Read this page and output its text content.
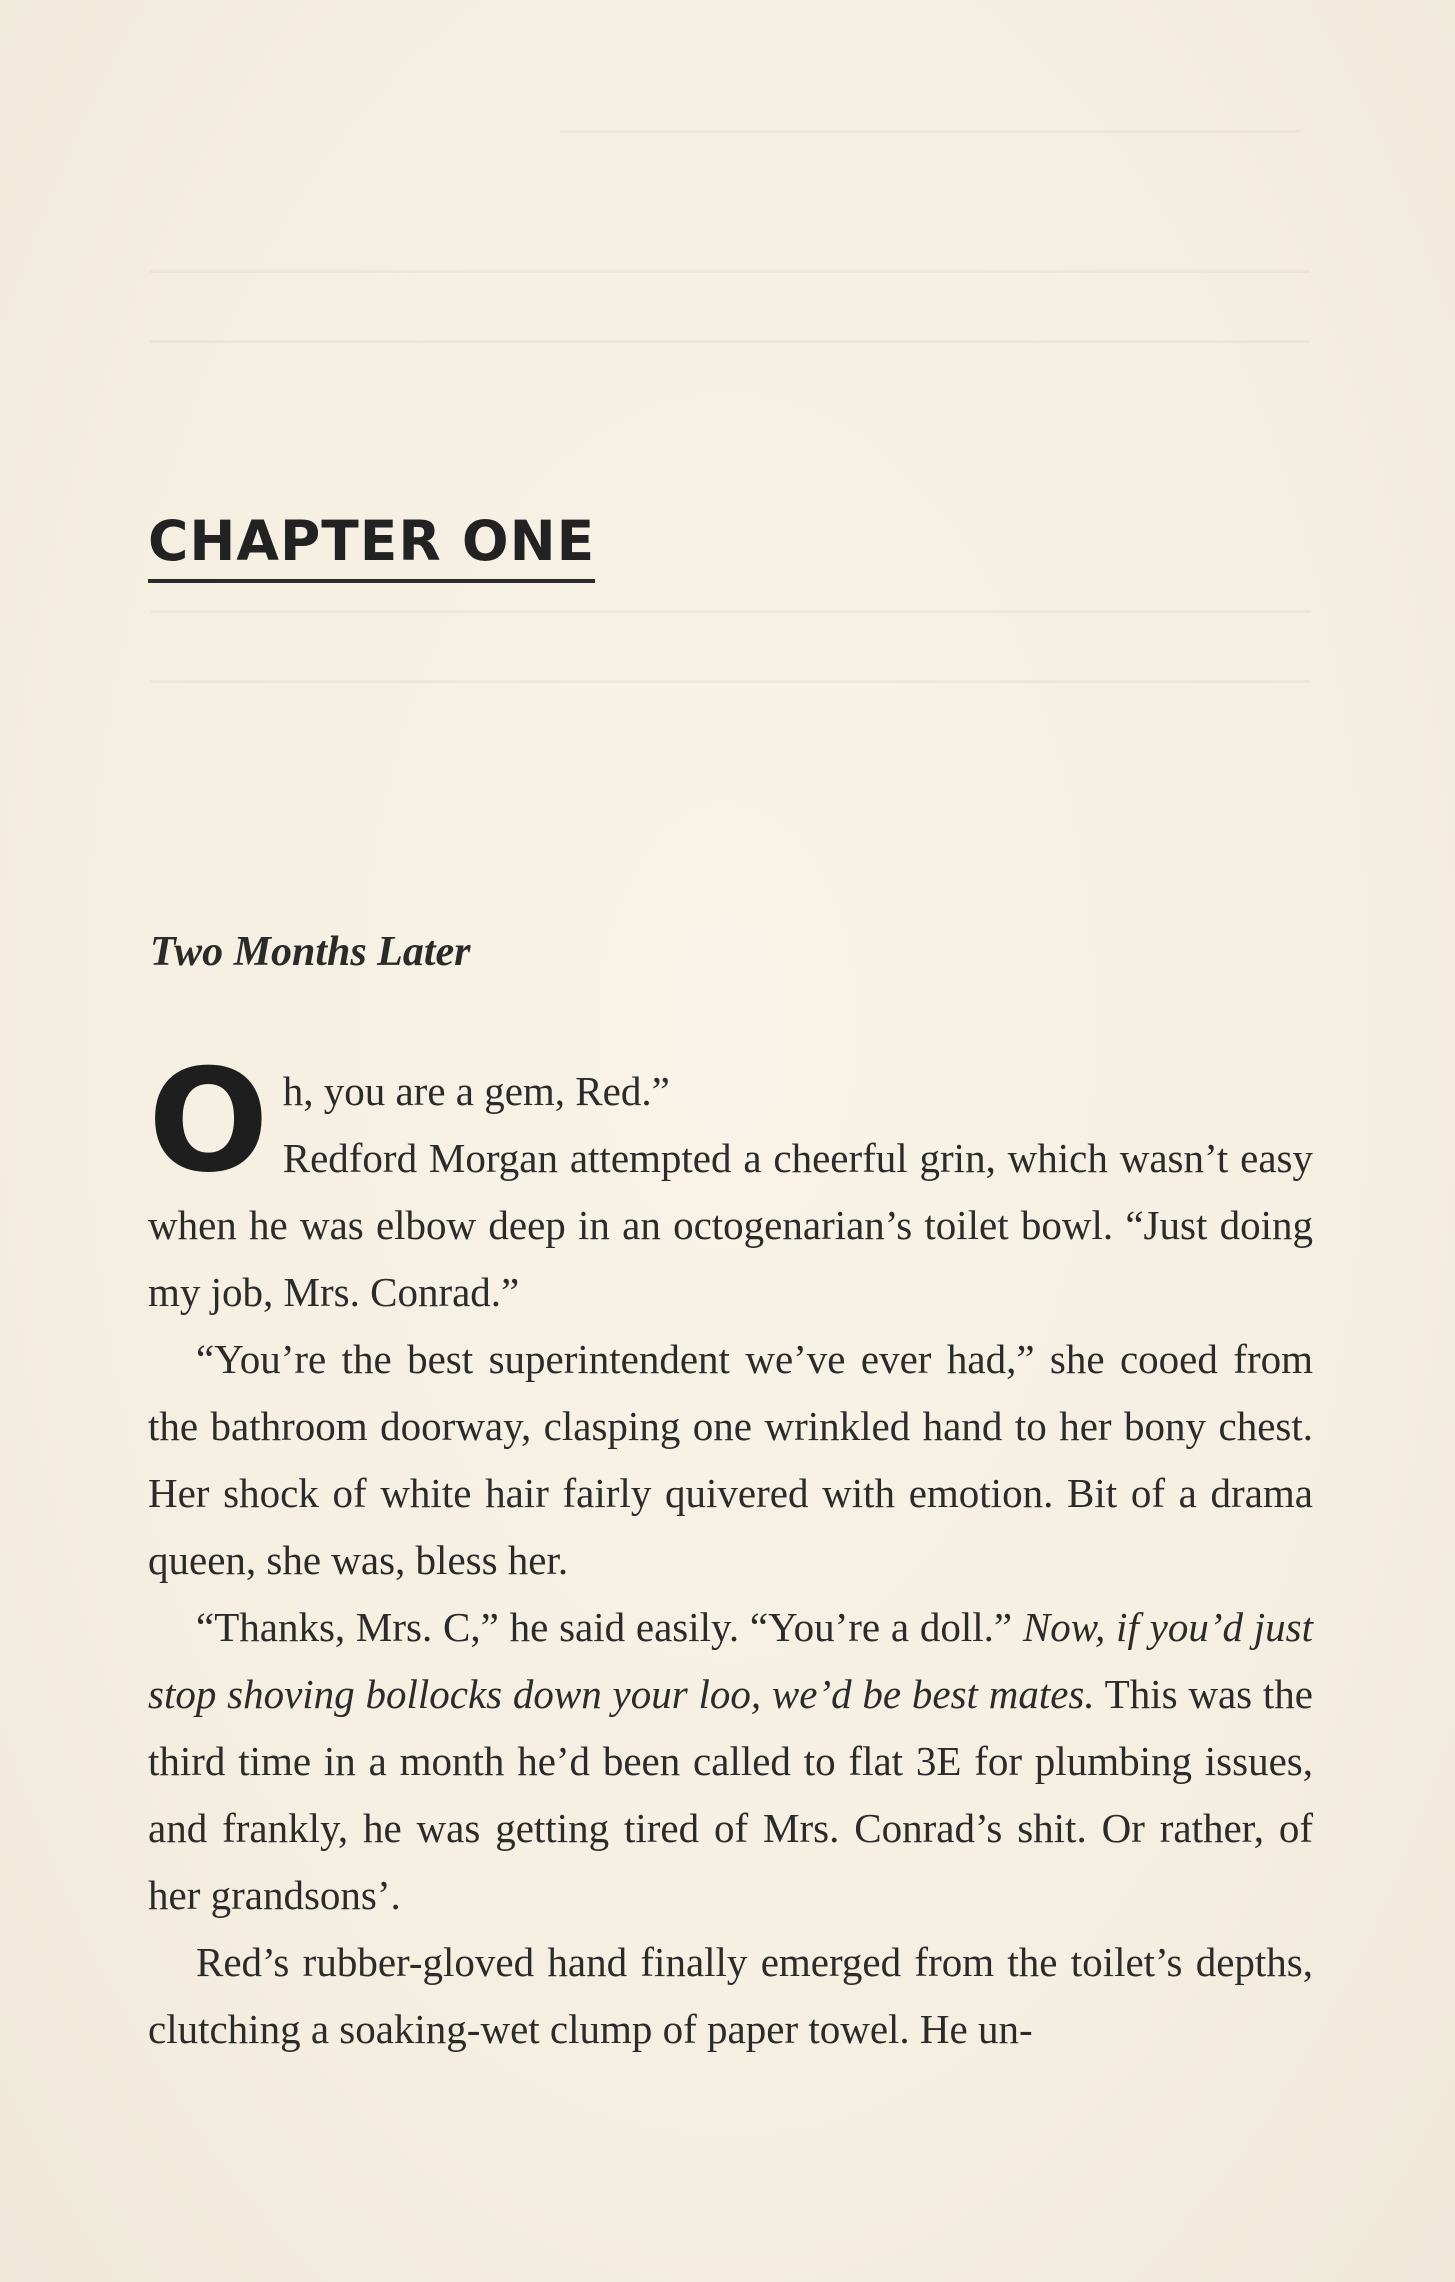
CHAPTER ONE

Two Months Later

O h, you are a gem, Red.”
Redford Morgan attempted a cheerful grin, which wasn’t easy when he was elbow deep in an octogenarian’s toilet bowl. “Just doing my job, Mrs. Conrad.”

“You’re the best superintendent we’ve ever had,” she cooed from the bathroom doorway, clasping one wrinkled hand to her bony chest. Her shock of white hair fairly quivered with emotion. Bit of a drama queen, she was, bless her.

“Thanks, Mrs. C,” he said easily. “You’re a doll.” Now, if you’d just stop shoving bollocks down your loo, we’d be best mates. This was the third time in a month he’d been called to flat 3E for plumbing issues, and frankly, he was getting tired of Mrs. Conrad’s shit. Or rather, of her grandsons’.

Red’s rubber-gloved hand finally emerged from the toilet’s depths, clutching a soaking-wet clump of paper towel. He un-
